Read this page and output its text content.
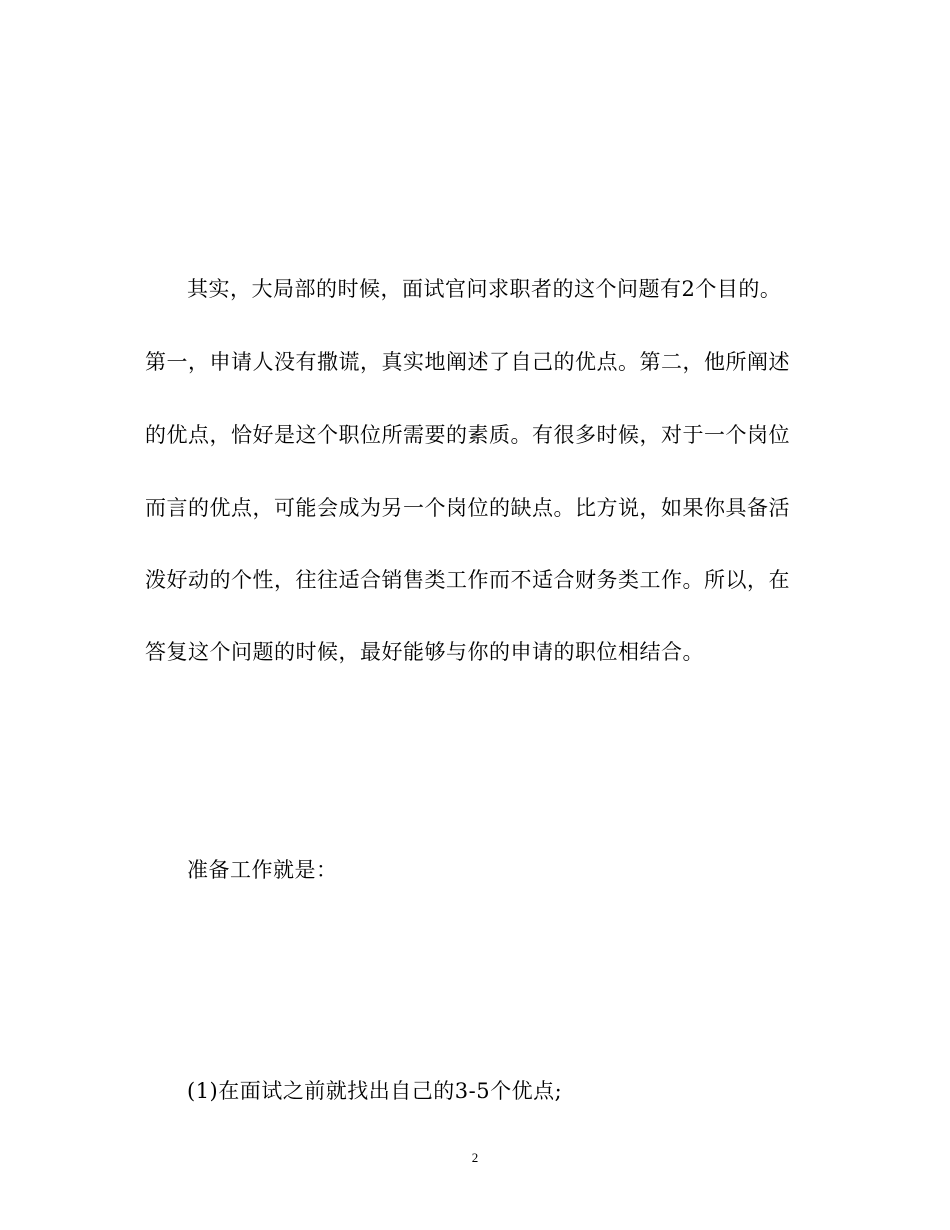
其实，大局部的时候，面试官问求职者的这个问题有2个目的。
第一，申请人没有撒谎，真实地阐述了自己的优点。第二，他所阐述
的优点，恰好是这个职位所需要的素质。有很多时候，对于一个岗位
而言的优点，可能会成为另一个岗位的缺点。比方说，如果你具备活
泼好动的个性，往往适合销售类工作而不适合财务类工作。所以，在
答复这个问题的时候，最好能够与你的申请的职位相结合。
准备工作就是：
(1)在面试之前就找出自己的3-5个优点;
2
